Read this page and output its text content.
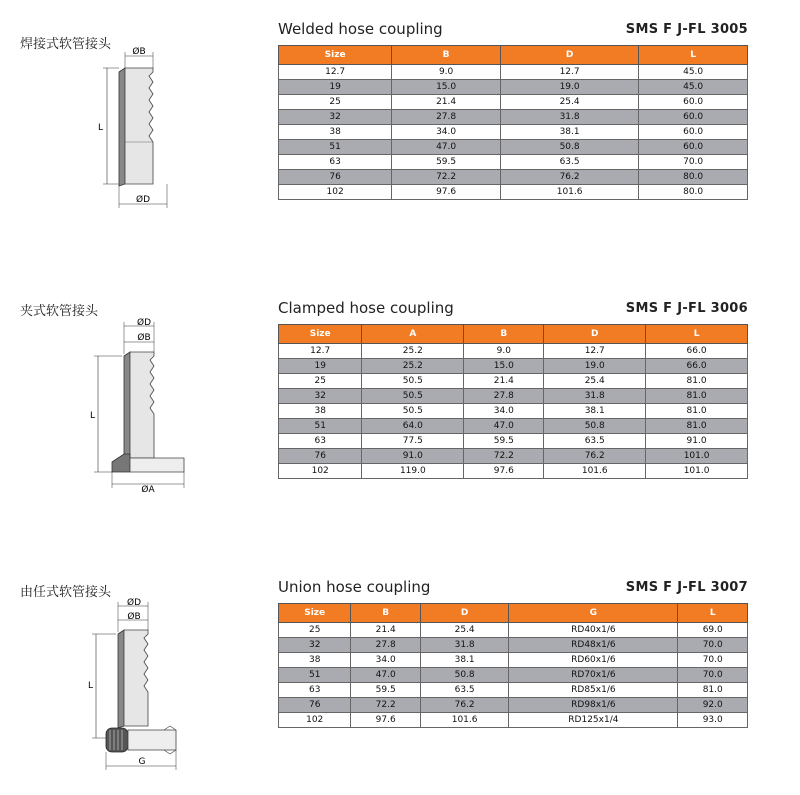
焊接式软管接头
Welded hose coupling	SMS F J-FL 3005
ØB
L
ØD
Size	B	D	L
12.7	9.0	12.7	45.0
19	15.0	19.0	45.0
25	21.4	25.4	60.0
32	27.8	31.8	60.0
38	34.0	38.1	60.0
51	47.0	50.8	60.0
63	59.5	63.5	70.0
76	72.2	76.2	80.0
102	97.6	101.6	80.0
夹式软管接头	Clamped hose coupling	SMS F J-FL 3006
ØD
ØB
L
ØA
Size	A	B	D	L
12.7	25.2	9.0	12.7	66.0
19	25.2	15.0	19.0	66.0
25	50.5	21.4	25.4	81.0
32	50.5	27.8	31.8	81.0
38	50.5	34.0	38.1	81.0
51	64.0	47.0	50.8	81.0
63	77.5	59.5	63.5	91.0
76	91.0	72.2	76.2	101.0
102	119.0	97.6	101.6	101.0
由任式软管接头	Union hose coupling	SMS F J-FL 3007
ØD
ØB
L
G
Size	B	D	G	L
25	21.4	25.4	RD40x1/6	69.0
32	27.8	31.8	RD48x1/6	70.0
38	34.0	38.1	RD60x1/6	70.0
51	47.0	50.8	RD70x1/6	70.0
63	59.5	63.5	RD85x1/6	81.0
76	72.2	76.2	RD98x1/6	92.0
102	97.6	101.6	RD125x1/4	93.0
